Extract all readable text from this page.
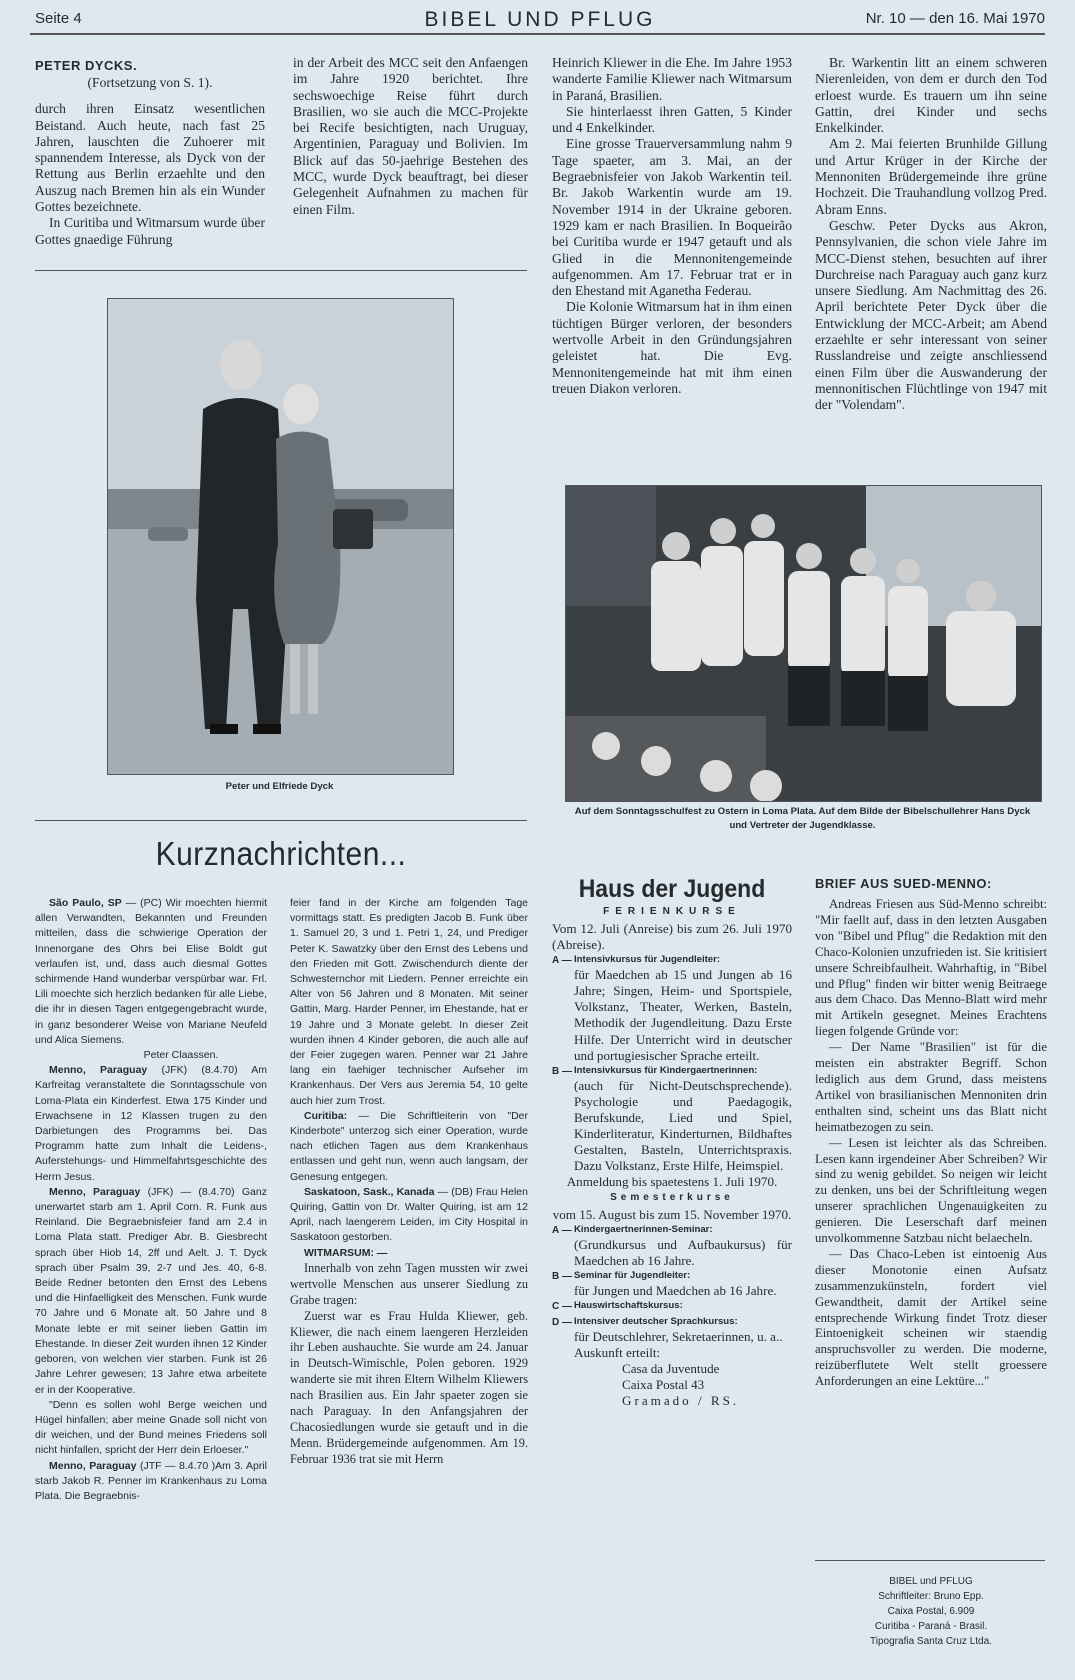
Seite 4	BIBEL UND PFLUG	Nr. 10 — den 16. Mai 1970
PETER DYCKS.
(Fortsetzung von S. 1).

durch ihren Einsatz wesentlichen Beistand. Auch heute, nach fast 25 Jahren, lauschten die Zuhoerer mit spannendem Interesse, als Dyck von der Rettung aus Berlin erzaehlte und den Auszug nach Bremen hin als ein Wunder Gottes bezeichnete.

In Curitiba und Witmarsum wurde über Gottes gnaedige Führung

in der Arbeit des MCC seit den Anfaengen im Jahre 1920 berichtet. Ihre sechswoechige Reise führt durch Brasilien, wo sie auch die MCC-Projekte bei Recife besichtigten, nach Uruguay, Argentinien, Paraguay und Bolivien. Im Blick auf das 50-jaehrige Bestehen des MCC, wurde Dyck beauftragt, bei dieser Gelegenheit Aufnahmen zu machen für einen Film.

Heinrich Kliewer in die Ehe. Im Jahre 1953 wanderte Familie Kliewer nach Witmarsum in Paraná, Brasilien.

Sie hinterlaesst ihren Gatten, 5 Kinder und 4 Enkelkinder.

Eine grosse Trauerversammlung nahm 9 Tage spaeter, am 3. Mai, an der Begraebnisfeier von Jakob Warkentin teil. Br. Jakob Warkentin wurde am 19. November 1914 in der Ukraine geboren. 1929 kam er nach Brasilien. In Boqueirão bei Curitiba wurde er 1947 getauft und als Glied in die Mennonitengemeinde aufgenommen. Am 17. Februar trat er in den Ehestand mit Aganetha Federau.

Die Kolonie Witmarsum hat in ihm einen tüchtigen Bürger verloren, der besonders wertvolle Arbeit in den Gründungsjahren geleistet hat. Die Evg. Mennonitengemeinde hat mit ihm einen treuen Diakon verloren.

Br. Warkentin litt an einem schweren Nierenleiden, von dem er durch den Tod erloest wurde. Es trauern um ihn seine Gattin, drei Kinder und sechs Enkelkinder.

Am 2. Mai feierten Brunhilde Gillung und Artur Krüger in der Kirche der Mennoniten Brüdergemeinde ihre grüne Hochzeit. Die Trauhandlung vollzog Pred. Abram Enns.

Geschw. Peter Dycks aus Akron, Pennsylvanien, die schon viele Jahre im MCC-Dienst stehen, besuchten auf ihrer Durchreise nach Paraguay auch ganz kurz unsere Siedlung. Am Nachmittag des 26. April berichtete Peter Dyck über die Entwicklung der MCC-Arbeit; am Abend erzaehlte er sehr interessant von seiner Russlandreise und zeigte anschliessend einen Film über die Auswanderung der mennonitischen Flüchtlinge von 1947 mit der "Volendam".

Peter und Elfriede Dyck
Auf dem Sonntagsschulfest zu Ostern in Loma Plata. Auf dem Bilde der Bibelschullehrer Hans Dyck und Vertreter der Jugendklasse.
Kurznachrichten...

São Paulo, SP — (PC) Wir moechten hiermit allen Verwandten, Bekannten und Freunden mitteilen, dass die schwierige Operation der Innenorgane des Ohrs bei Elise Boldt gut verlaufen ist, und, dass auch diesmal Gottes schirmende Hand wunderbar verspürbar war. Frl. Lili moechte sich herzlich bedanken für alle Liebe, die ihr in diesen Tagen entgegengebracht wurde, in ganz besonderer Weise von Mariane Neufeld und Alica Siemens.

Peter Claassen.

Menno, Paraguay (JFK) (8.4.70) Am Karfreitag veranstaltete die Sonntagsschule von Loma-Plata ein Kinderfest. Etwa 175 Kinder und Erwachsene in 12 Klassen trugen zu den Darbietungen des Programms bei. Das Programm hatte zum Inhalt die Leidens-, Auferstehungs- und Himmelfahrtsgeschichte des Herrn Jesus.

Menno, Paraguay (JFK) — (8.4.70) Ganz unerwartet starb am 1. April Corn. R. Funk aus Reinland. Die Begraebnisfeier fand am 2.4 in Loma Plata statt. Prediger Abr. B. Giesbrecht sprach über Hiob 14, 2ff und Aelt. J. T. Dyck sprach über Psalm 39, 2-7 und Jes. 40, 6-8. Beide Redner betonten den Ernst des Lebens und die Hinfaelligkeit des Menschen. Funk wurde 70 Jahre und 6 Monate alt. 50 Jahre und 8 Monate lebte er mit seiner lieben Gattin im Ehestande. In dieser Zeit wurden ihnen 12 Kinder geboren, von welchen vier starben. Funk ist 26 Jahre Lehrer gewesen; 13 Jahre etwa arbeitete er in der Kooperative.

"Denn es sollen wohl Berge weichen und Hügel hinfallen; aber meine Gnade soll nicht von dir weichen, und der Bund meines Friedens soll nicht hinfallen, spricht der Herr dein Erloeser."

Menno, Paraguay (JTF — 8.4.70 )Am 3. April starb Jakob R. Penner im Krankenhaus zu Loma Plata. Die Begraebnis-

feier fand in der Kirche am folgenden Tage vormittags statt. Es predigten Jacob B. Funk über 1. Samuel 20, 3 und 1. Petri 1, 24, und Prediger Peter K. Sawatzky über den Ernst des Lebens und den Frieden mit Gott. Zwischendurch diente der Schwesternchor mit Liedern. Penner erreichte ein Alter von 56 Jahren und 8 Monaten. Mit seiner Gattin, Marg. Harder Penner, im Ehestande, hat er 19 Jahre und 3 Monate gelebt. In dieser Zeit wurden ihnen 4 Kinder geboren, die auch alle auf der Feier zugegen waren. Penner war 21 Jahre lang ein faehiger technischer Aufseher im Krankenhaus. Der Vers aus Jeremia 54, 10 gelte auch hier zum Trost.

Curitiba: — Die Schriftleiterin von "Der Kinderbote" unterzog sich einer Operation, wurde nach etlichen Tagen aus dem Krankenhaus entlassen und geht nun, wenn auch langsam, der Genesung entgegen.

Saskatoon, Sask., Kanada — (DB) Frau Helen Quiring, Gattin von Dr. Walter Quiring, ist am 12 April, nach laengerem Leiden, im City Hospital in Saskatoon gestorben.

WITMARSUM: —

Innerhalb von zehn Tagen mussten wir zwei wertvolle Menschen aus unserer Siedlung zu Grabe tragen:

Zuerst war es Frau Hulda Kliewer, geb. Kliewer, die nach einem laengeren Herzleiden ihr Leben aushauchte. Sie wurde am 24. Januar in Deutsch-Wimischle, Polen geboren. 1929 wanderte sie mit ihren Eltern Wilhelm Kliewers nach Brasilien aus. Ein Jahr spaeter zogen sie nach Paraguay. In den Anfangsjahren der Chacosiedlungen wurde sie getauft und in die Menn. Brüdergemeinde aufgenommen. Am 19. Februar 1936 trat sie mit Herrn

Haus der Jugend
FERIENKURSE
Vom 12. Juli (Anreise) bis zum 26. Juli 1970 (Abreise).
A — Intensivkursus für Jugendleiter:
für Maedchen ab 15 und Jungen ab 16 Jahre; Singen, Heim- und Sportspiele, Volkstanz, Theater, Werken, Basteln, Methodik der Jugendleitung. Dazu Erste Hilfe. Der Unterricht wird in deutscher und portugiesischer Sprache erteilt.
B — Intensivkursus für Kindergaertnerinnen:
(auch für Nicht-Deutschsprechende). Psychologie und Paedagogik, Berufskunde, Lied und Spiel, Kinderliteratur, Kinderturnen, Bildhaftes Gestalten, Basteln, Unterrichtspraxis. Dazu Volkstanz, Erste Hilfe, Heimspiel.
Anmeldung bis spaetestens 1. Juli 1970.
Semesterkurse
vom 15. August bis zum 15. November 1970.
A — Kindergaertnerinnen-Seminar:
(Grundkursus und Aufbaukursus) für Maedchen ab 16 Jahre.
B — Seminar für Jugendleiter:
für Jungen und Maedchen ab 16 Jahre.
C — Hauswirtschaftskursus:
D — Intensiver deutscher Sprachkursus:
für Deutschlehrer, Sekretaerinnen, u. a..
Auskunft erteilt:
Casa da Juventude
Caixa Postal 43
Gramado / RS.
BRIEF AUS SUED-MENNO:

Andreas Friesen aus Süd-Menno schreibt: "Mir faellt auf, dass in den letzten Ausgaben von "Bibel und Pflug" die Redaktion mit den Chaco-Kolonien unzufrieden ist. Sie kritisiert unsere Schreibfaulheit. Wahrhaftig, in "Bibel und Pflug" finden wir bitter wenig Beitraege aus dem Chaco. Das Menno-Blatt wird mehr mit Artikeln gesegnet. Meines Erachtens liegen folgende Gründe vor:

— Der Name "Brasilien" ist für die meisten ein abstrakter Begriff. Schon lediglich aus dem Grund, dass meistens Artikel von brasilianischen Mennoniten drin enthalten sind, scheint uns das Blatt nicht heimatbezogen zu sein.

— Lesen ist leichter als das Schreiben. Lesen kann irgendeiner Aber Schreiben? Wir sind zu wenig gebildet. So neigen wir leicht zu denken, uns bei der Schriftleitung wegen unserer sprachlichen Ungenauigkeiten zu genieren. Die Leserschaft darf meinen unvolkommenne Satzbau nicht belaecheln.

— Das Chaco-Leben ist eintoenig Aus dieser Monotonie einen Aufsatz zusammenzukünsteln, fordert viel Gewandtheit, damit der Artikel seine entsprechende Wirkung findet Trotz dieser Eintoenigkeit scheinen wir staendig anspruchsvoller zu werden. Die moderne, reizüberflutete Welt stellt groessere Anforderungen an eine Lektüre..."

BIBEL und PFLUG
Schriftleiter: Bruno Epp.
Caixa Postal, 6.909
Curitiba - Paraná - Brasil.
Tipografia Santa Cruz Ltda.
